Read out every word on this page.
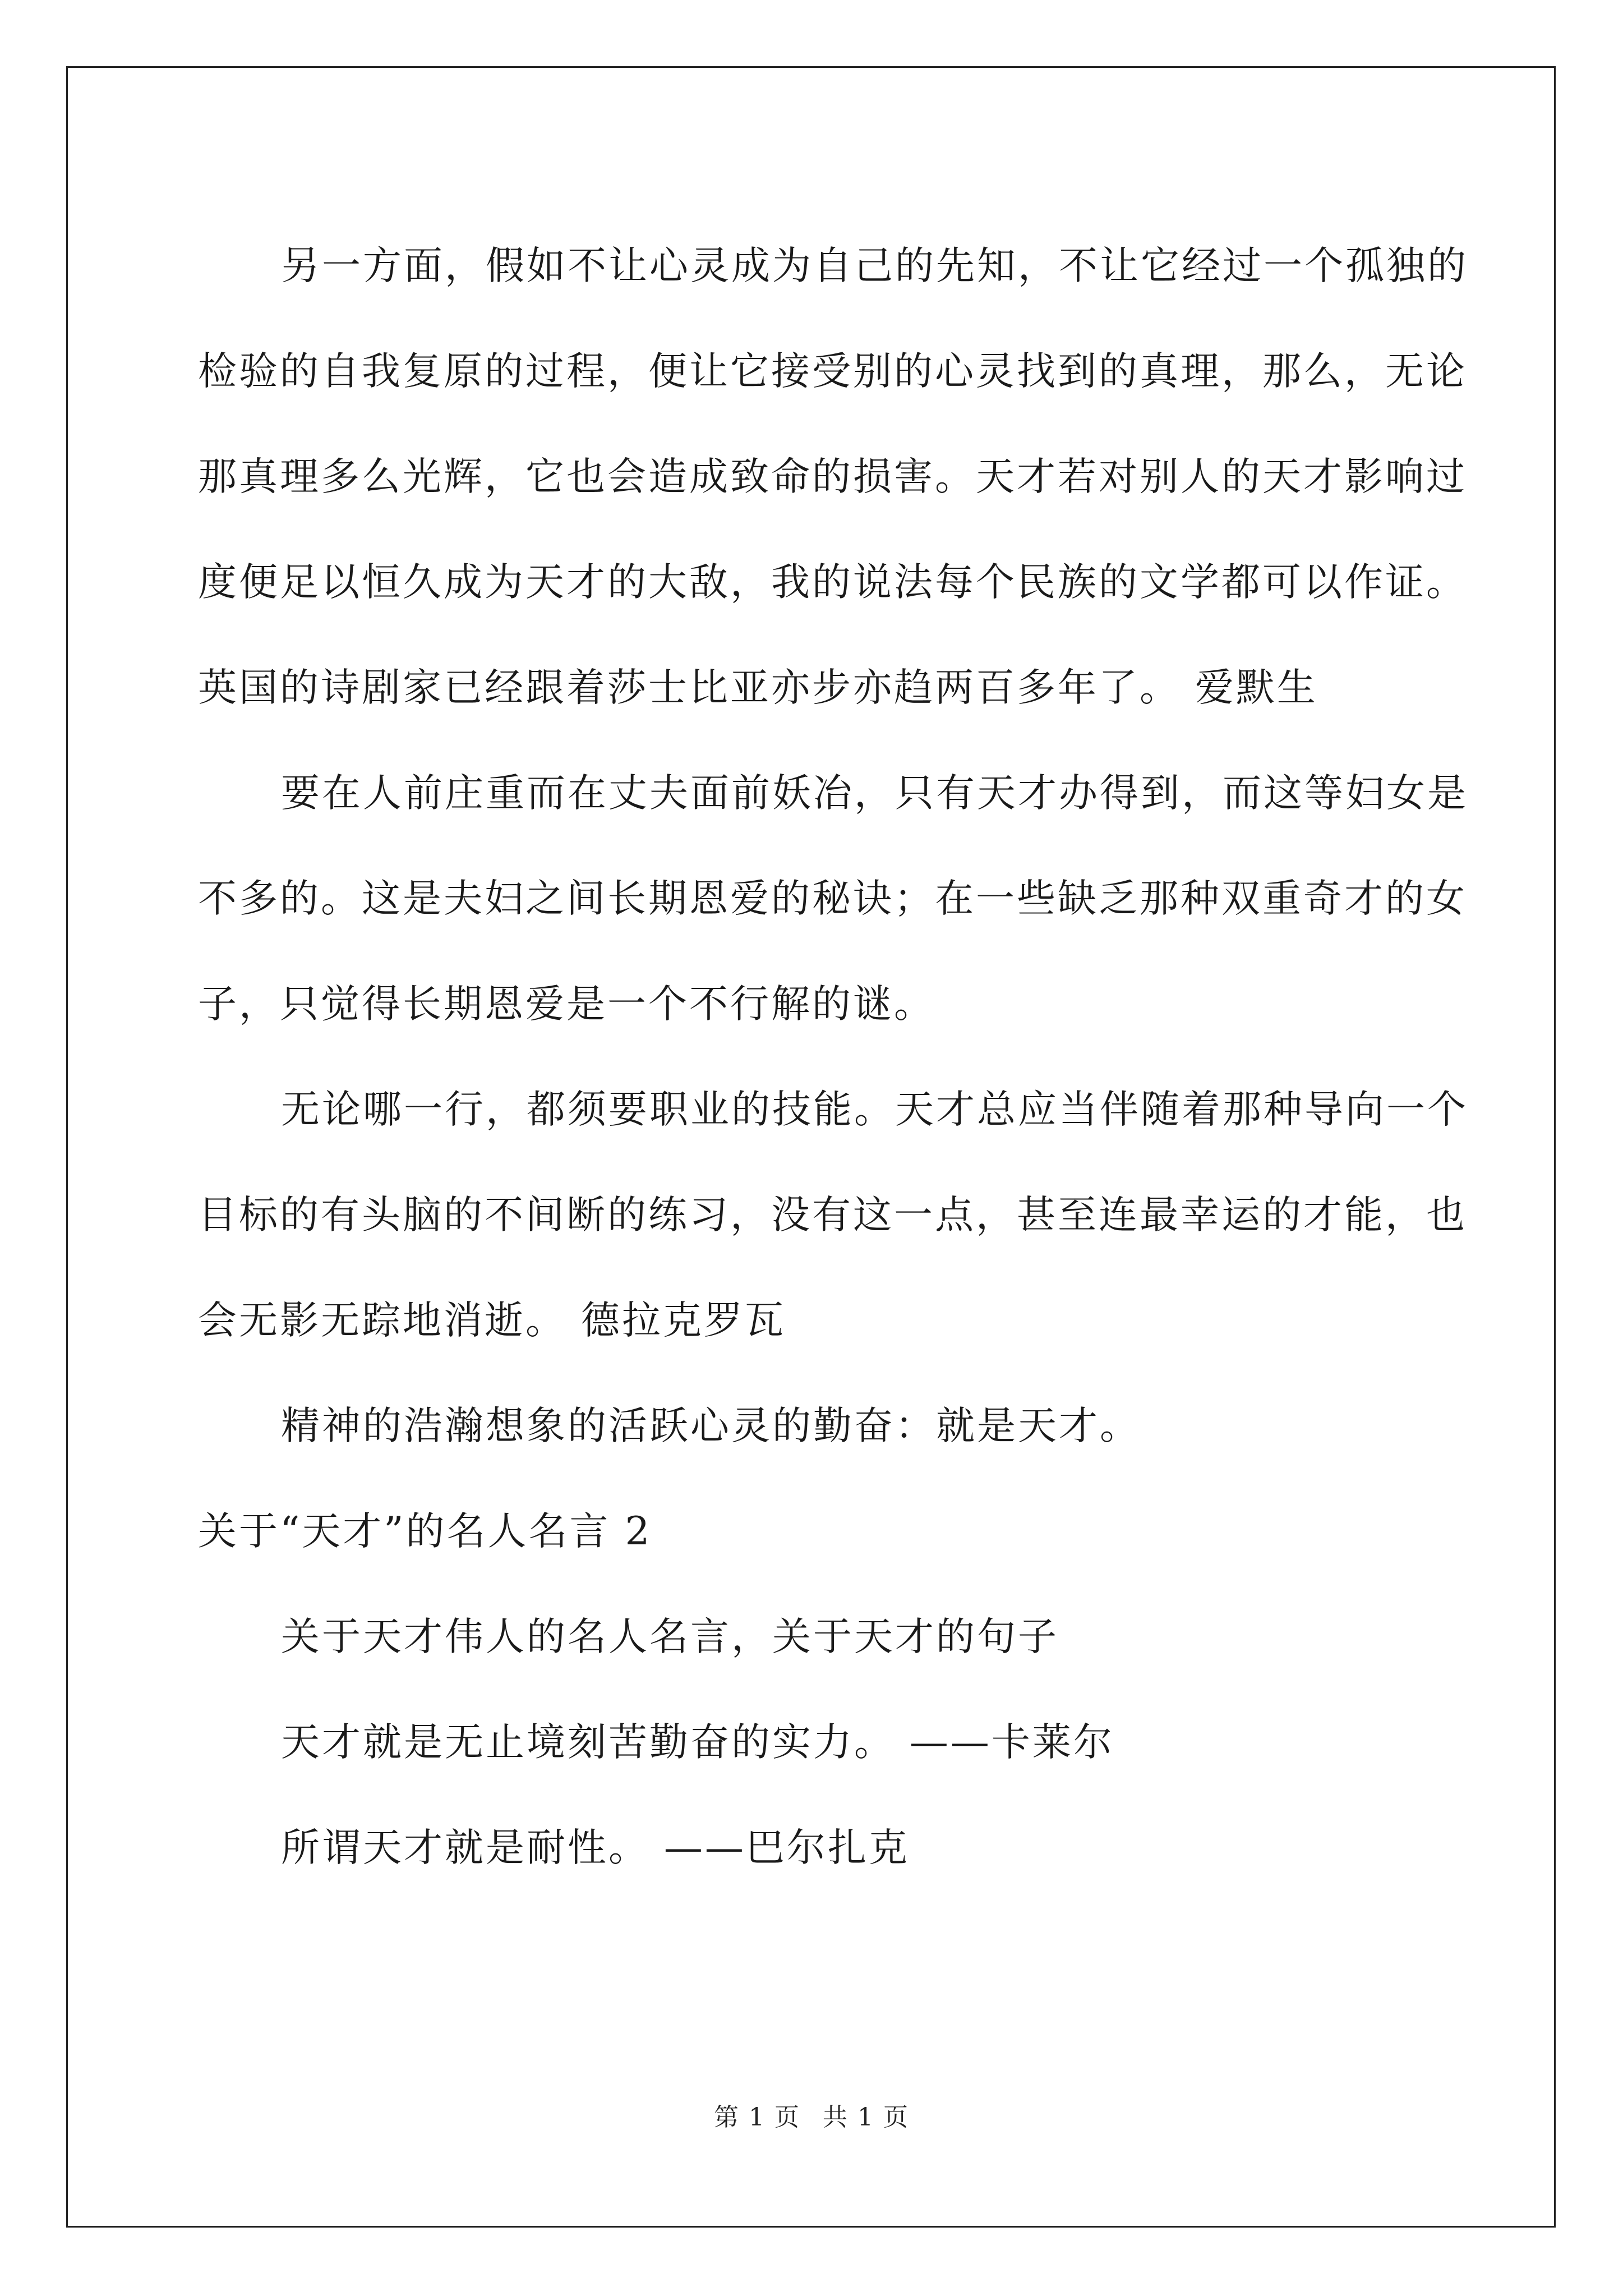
另一方面，假如不让心灵成为自己的先知，不让它经过一个孤独的检验的自我复原的过程，便让它接受别的心灵找到的真理，那么，无论那真理多么光辉，它也会造成致命的损害。天才若对别人的天才影响过度便足以恒久成为天才的大敌，我的说法每个民族的文学都可以作证。英国的诗剧家已经跟着莎士比亚亦步亦趋两百多年了。 爱默生

要在人前庄重而在丈夫面前妖冶，只有天才办得到，而这等妇女是不多的。这是夫妇之间长期恩爱的秘诀；在一些缺乏那种双重奇才的女子，只觉得长期恩爱是一个不行解的谜。

无论哪一行，都须要职业的技能。天才总应当伴随着那种导向一个目标的有头脑的不间断的练习，没有这一点，甚至连最幸运的才能，也会无影无踪地消逝。 德拉克罗瓦

精神的浩瀚想象的活跃心灵的勤奋：就是天才。

关于“天才”的名人名言 2

关于天才伟人的名人名言，关于天才的句子

天才就是无止境刻苦勤奋的实力。 ——卡莱尔

所谓天才就是耐性。 ——巴尔扎克

第 1 页 共 1 页
